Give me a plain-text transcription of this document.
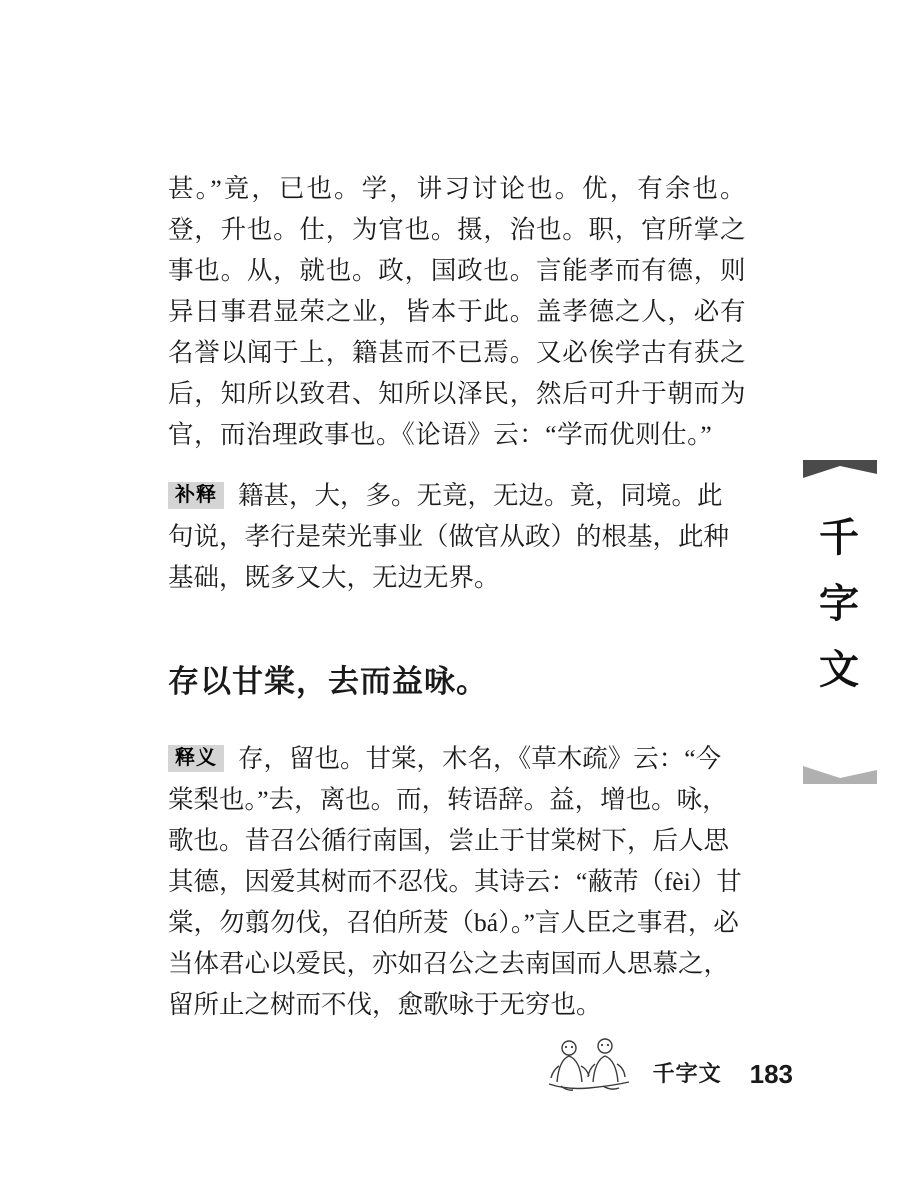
千
字
文

甚。”竟，已也。学，讲习讨论也。优，有余也。登，升也。仕，为官也。摄，治也。职，官所掌之事也。从，就也。政，国政也。言能孝而有德，则异日事君显荣之业，皆本于此。盖孝德之人，必有名誉以闻于上，籍甚而不已焉。又必俟学古有获之后，知所以致君、知所以泽民，然后可升于朝而为官，而治理政事也。《论语》云：“学而优则仕。”

补释 籍甚，大，多。无竟，无边。竟，同境。此句说，孝行是荣光事业（做官从政）的根基，此种基础，既多又大，无边无界。
存以甘棠，去而益咏。
释义 存，留也。甘棠，木名，《草木疏》云：“今棠梨也。”去，离也。而，转语辞。益，增也。咏，歌也。昔召公循行南国，尝止于甘棠树下，后人思其德，因爱其树而不忍伐。其诗云：“蔽芾（fèi）甘棠，勿翦勿伐，召伯所茇（bá）。”言人臣之事君，必当体君心以爱民，亦如召公之去南国而人思慕之，留所止之树而不伐，愈歌咏于无穷也。
千字文 183
